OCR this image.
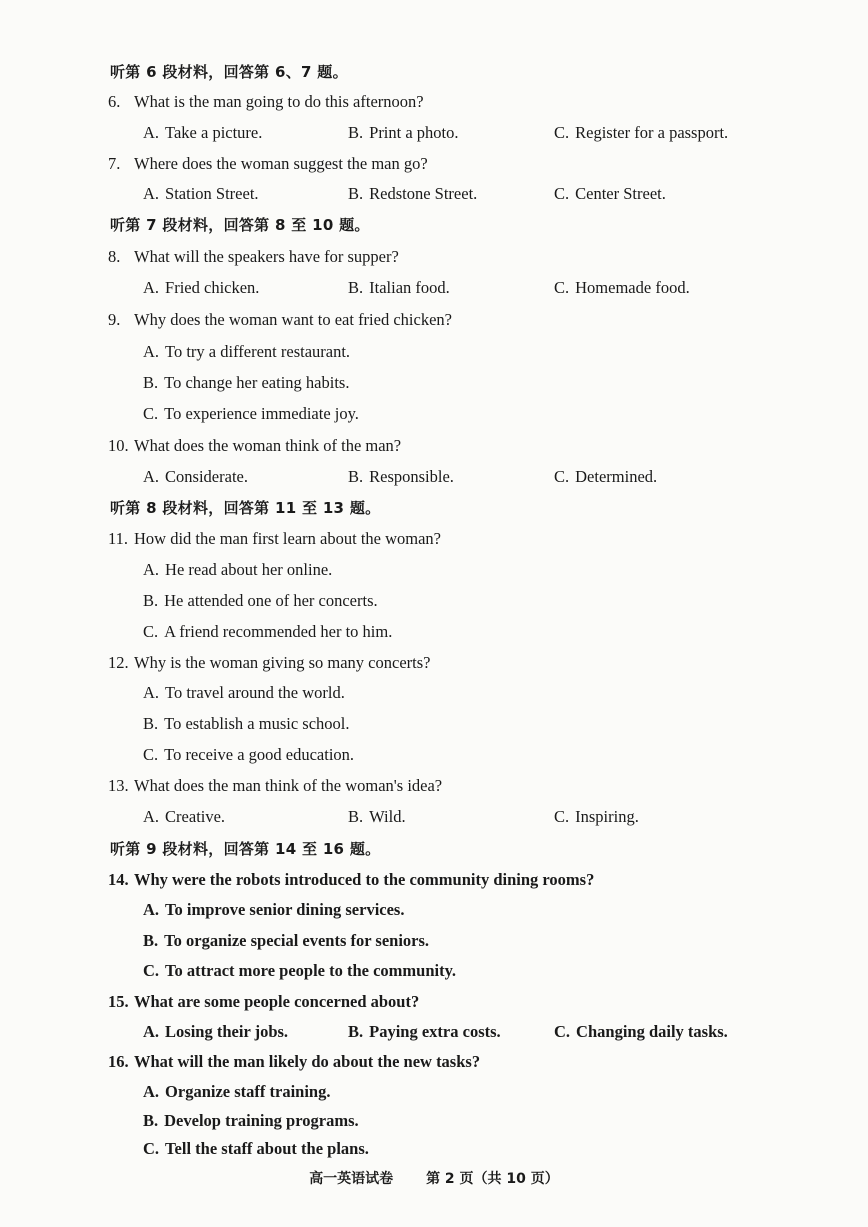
听第 6 段材料，回答第 6、7 题。
6. What is the man going to do this afternoon?
A. Take a picture.	B. Print a photo.	C. Register for a passport.
7. Where does the woman suggest the man go?
A. Station Street.	B. Redstone Street.	C. Center Street.
听第 7 段材料，回答第 8 至 10 题。
8. What will the speakers have for supper?
A. Fried chicken.	B. Italian food.	C. Homemade food.
9. Why does the woman want to eat fried chicken?
A. To try a different restaurant.
B. To change her eating habits.
C. To experience immediate joy.
10. What does the woman think of the man?
A. Considerate.	B. Responsible.	C. Determined.
听第 8 段材料，回答第 11 至 13 题。
11. How did the man first learn about the woman?
A. He read about her online.
B. He attended one of her concerts.
C. A friend recommended her to him.
12. Why is the woman giving so many concerts?
A. To travel around the world.
B. To establish a music school.
C. To receive a good education.
13. What does the man think of the woman's idea?
A. Creative.	B. Wild.	C. Inspiring.
听第 9 段材料，回答第 14 至 16 题。
14. Why were the robots introduced to the community dining rooms?
A. To improve senior dining services.
B. To organize special events for seniors.
C. To attract more people to the community.
15. What are some people concerned about?
A. Losing their jobs.	B. Paying extra costs.	C. Changing daily tasks.
16. What will the man likely do about the new tasks?
A. Organize staff training.
B. Develop training programs.
C. Tell the staff about the plans.
高一英语试卷 第 2 页（共 10 页）
